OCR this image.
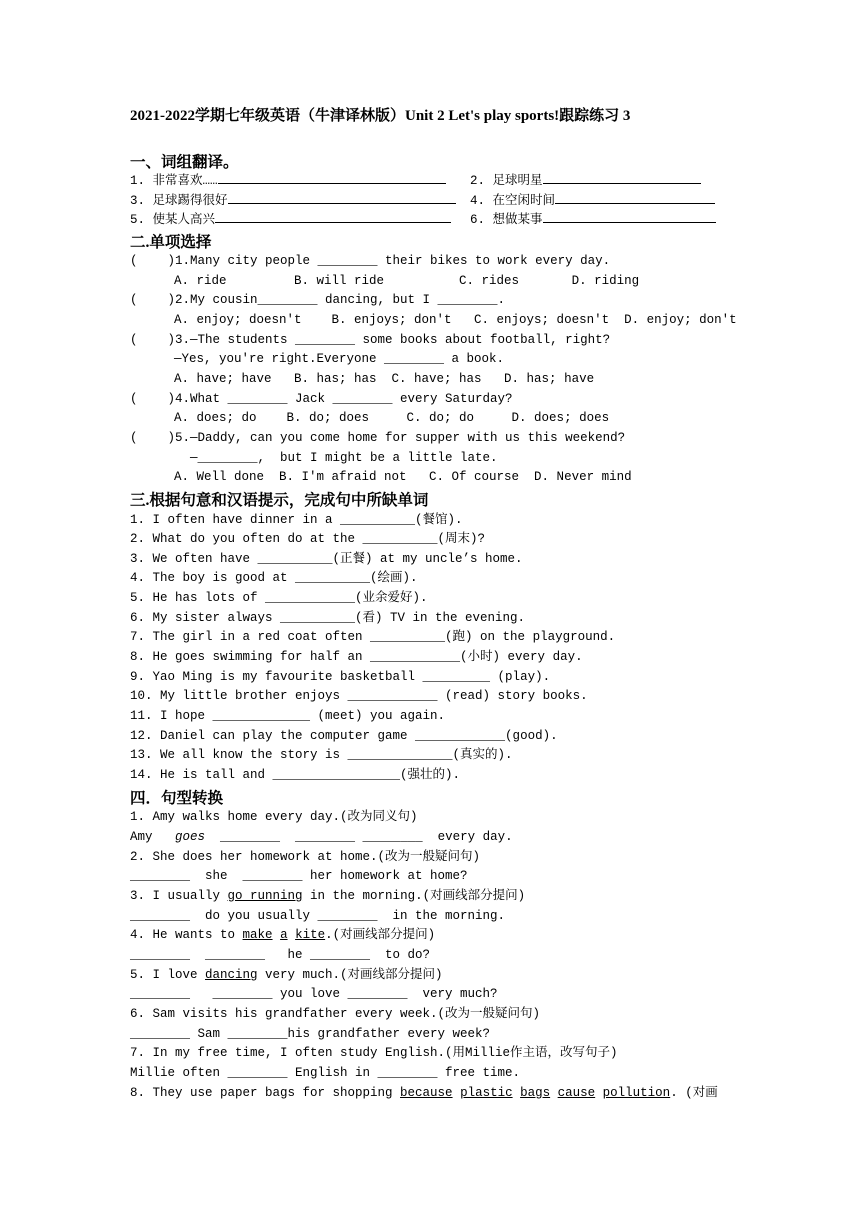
2021-2022学期七年级英语（牛津译林版）Unit 2 Let's play sports!跟踪练习 3
一、词组翻译。
1. 非常喜欢……	2. 足球明星
3. 足球踢得很好	4. 在空闲时间
5. 使某人高兴	6. 想做某事
二.单项选择
(    )1.Many city people ________ their bikes to work every day.
A. ride         B. will ride          C. rides       D. riding
(    )2.My cousin________ dancing, but I ________.
A. enjoy; doesn't    B. enjoys; don't   C. enjoys; doesn't  D. enjoy; don't
(    )3.—The students ________ some books about football, right?
—Yes, you're right.Everyone ________ a book.
A. have; have   B. has; has  C. have; has   D. has; have
(    )4.What ________ Jack ________ every Saturday?
A. does; do    B. do; does     C. do; do     D. does; does
(    )5.—Daddy, can you come home for supper with us this weekend?
—________,  but I might be a little late.
A. Well done  B. I'm afraid not   C. Of course  D. Never mind
三.根据句意和汉语提示，完成句中所缺单词
1. I often have dinner in a __________(餐馆).
2. What do you often do at the __________(周末)?
3. We often have __________(正餐) at my uncle’s home.
4. The boy is good at __________(绘画).
5. He has lots of ____________(业余爱好).
6. My sister always __________(看) TV in the evening.
7. The girl in a red coat often __________(跑) on the playground.
8. He goes swimming for half an ____________(小时) every day.
9. Yao Ming is my favourite basketball _________ (play).
10. My little brother enjoys ____________ (read) story books.
11. I hope _____________ (meet) you again.
12. Daniel can play the computer game ____________(good).
13. We all know the story is ______________(真实的).
14. He is tall and _________________(强壮的).
四．句型转换
1. Amy walks home every day.(改为同义句)
Amy   goes  ________  ________ ________  every day.
2. She does her homework at home.(改为一般疑问句)
________  she  ________ her homework at home?
3. I usually go running in the morning.(对画线部分提问)
________  do you usually ________  in the morning.
4. He wants to make a kite.(对画线部分提问)
________  ________   he ________  to do?
5. I love dancing very much.(对画线部分提问)
________   ________ you love ________  very much?
6. Sam visits his grandfather every week.(改为一般疑问句)
________ Sam ________his grandfather every week?
7. In my free time, I often study English.(用Millie作主语，改写句子)
Millie often ________ English in ________ free time.
8. They use paper bags for shopping because plastic bags cause pollution. (对画
